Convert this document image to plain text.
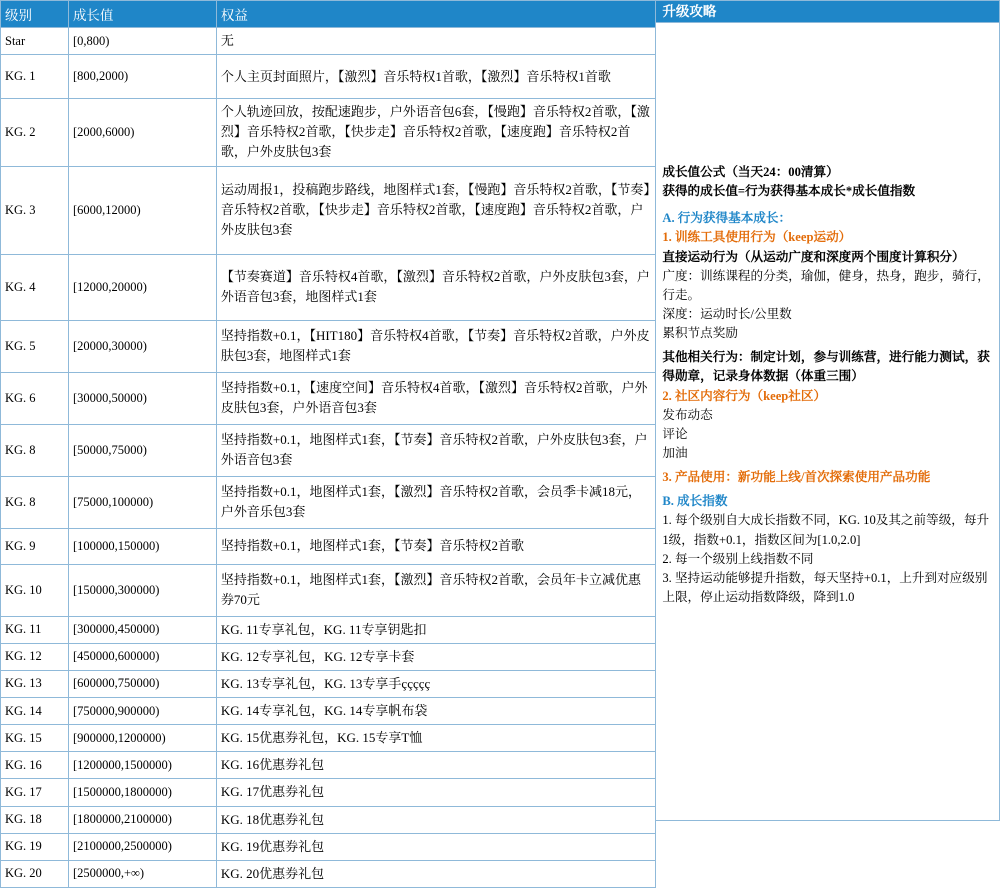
级别	成长值	权益
Star	[0,800)	无
KG. 1	[800,2000)	个人主页封面照片，【激烈】音乐特权1首歌，【激烈】音乐特权1首歌
KG. 2	[2000,6000)	个人轨迹回放，按配速跑步，户外语音包6套，【慢跑】音乐特权2首歌，【激烈】音乐特权2首歌，【快步走】音乐特权2首歌，【速度跑】音乐特权2首歌，户外皮肤包3套
KG. 3	[6000,12000)	运动周报1，投稿跑步路线，地图样式1套，【慢跑】音乐特权2首歌，【节奏】音乐特权2首歌，【快步走】音乐特权2首歌，【速度跑】音乐特权2首歌，户外皮肤包3套
KG. 4	[12000,20000)	【节奏赛道】音乐特权4首歌，【激烈】音乐特权2首歌，户外皮肤包3套，户外语音包3套，地图样式1套
KG. 5	[20000,30000)	坚持指数+0.1，【HIT180】音乐特权4首歌，【节奏】音乐特权2首歌，户外皮肤包3套，地图样式1套
KG. 6	[30000,50000)	坚持指数+0.1，【速度空间】音乐特权4首歌，【激烈】音乐特权2首歌，户外皮肤包3套，户外语音包3套
KG. 8	[50000,75000)	坚持指数+0.1，地图样式1套，【节奏】音乐特权2首歌，户外皮肤包3套，户外语音包3套
KG. 8	[75000,100000)	坚持指数+0.1，地图样式1套，【激烈】音乐特权2首歌，会员季卡减18元，户外音乐包3套
KG. 9	[100000,150000)	坚持指数+0.1，地图样式1套，【节奏】音乐特权2首歌
KG. 10	[150000,300000)	坚持指数+0.1，地图样式1套，【激烈】音乐特权2首歌，会员年卡立减优惠券70元
KG. 11	[300000,450000)	KG. 11专享礼包，KG. 11专享钥匙扣
KG. 12	[450000,600000)	KG. 12专享礼包，KG. 12专享卡套
KG. 13	[600000,750000)	KG. 13专享礼包，KG. 13专享手ççççç
KG. 14	[750000,900000)	KG. 14专享礼包，KG. 14专享帆布袋
KG. 15	[900000,1200000)	KG. 15优惠券礼包，KG. 15专享T恤
KG. 16	[1200000,1500000)	KG. 16优惠券礼包
KG. 17	[1500000,1800000)	KG. 17优惠券礼包
KG. 18	[1800000,2100000)	KG. 18优惠券礼包
KG. 19	[2100000,2500000)	KG. 19优惠券礼包
KG. 20	[2500000,+∞)	KG. 20优惠券礼包
升级攻略

成长值公式（当天24：00清算）

获得的成长值=行为获得基本成长*成长值指数

A. 行为获得基本成长：

1. 训练工具使用行为（keep运动）

直接运动行为（从运动广度和深度两个围度计算积分）

广度：训练课程的分类，瑜伽，健身，热身，跑步，骑行，行走。

深度：运动时长/公里数

累积节点奖励

其他相关行为：制定计划，参与训练营，进行能力测试，获得勋章，记录身体数据（体重三围）

2. 社区内容行为（keep社区）

发布动态

评论

加油

3. 产品使用：新功能上线/首次探索使用产品功能

B. 成长指数

1. 每个级别自大成长指数不同，KG. 10及其之前等级，每升1级，指数+0.1，指数区间为[1.0,2.0]

2. 每一个级别上线指数不同

3. 坚持运动能够提升指数，每天坚持+0.1，上升到对应级别上限，停止运动指数降级，降到1.0
